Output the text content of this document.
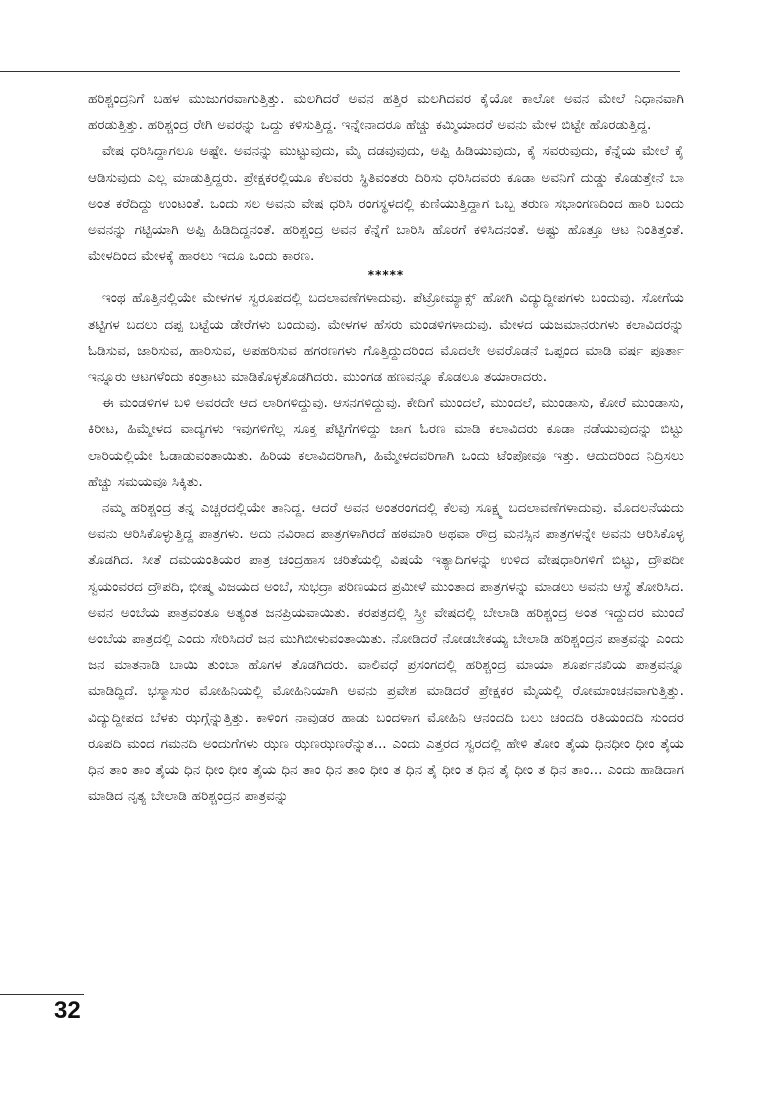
ಹರಿಶ್ಚಂದ್ರನಿಗೆ ಬಹಳ ಮುಜುಗರವಾಗುತ್ತಿತ್ತು. ಮಲಗಿದರೆ ಅವನ ಹತ್ತಿರ ಮಲಗಿದವರ ಕೈಯೋ ಕಾಲೋ ಅವನ ಮೇಲೆ ನಿಧಾನವಾಗಿ ಹರಡುತ್ತಿತ್ತು. ಹರಿಶ್ಚಂದ್ರ ರೇಗಿ ಅವರನ್ನು ಒದ್ದು ಕಳಿಸುತ್ತಿದ್ದ. ಇನ್ನೇನಾದರೂ ಹೆಚ್ಚು ಕಮ್ಮಿಯಾದರೆ ಅವನು ಮೇಳ ಬಿಟ್ಟೇ ಹೊರಡುತ್ತಿದ್ದ.

ವೇಷ ಧರಿಸಿದ್ದಾಗಲೂ ಅಷ್ಟೇ. ಅವನನ್ನು ಮುಟ್ಟುವುದು, ಮೈ ದಡವುವುದು, ಅಪ್ಪಿ ಹಿಡಿಯುವುದು, ಕೈ ಸವರುವುದು, ಕೆನ್ನೆಯ ಮೇಲೆ ಕೈ ಆಡಿಸುವುದು ಎಲ್ಲ ಮಾಡುತ್ತಿದ್ದರು. ಪ್ರೇಕ್ಷಕರಲ್ಲಿಯೂ ಕೆಲವರು ಸ್ಥಿತಿವಂತರು ದಿರಿಸು ಧರಿಸಿದವರು ಕೂಡಾ ಅವನಿಗೆ ದುಡ್ಡು ಕೊಡುತ್ತೇನೆ ಬಾ ಅಂತ ಕರೆದಿದ್ದು ಉಂಟಂತೆ. ಒಂದು ಸಲ ಅವನು ವೇಷ ಧರಿಸಿ ರಂಗಸ್ಥಳದಲ್ಲಿ ಕುಣಿಯುತ್ತಿದ್ದಾಗ ಒಬ್ಬ ತರುಣ ಸಭಾಂಗಣದಿಂದ ಹಾರಿ ಬಂದು ಅವನನ್ನು ಗಟ್ಟಿಯಾಗಿ ಅಪ್ಪಿ ಹಿಡಿದಿದ್ದನಂತೆ. ಹರಿಶ್ಚಂದ್ರ ಅವನ ಕೆನ್ನೆಗೆ ಬಾರಿಸಿ ಹೊರಗೆ ಕಳಿಸಿದನಂತೆ. ಅಷ್ಟು ಹೊತ್ತೂ ಆಟ ನಿಂತಿತ್ತಂತೆ. ಮೇಳದಿಂದ ಮೇಳಕ್ಕೆ ಹಾರಲು ಇದೂ ಒಂದು ಕಾರಣ.

*****

ಇಂಥ ಹೊತ್ತಿನಲ್ಲಿಯೇ ಮೇಳಗಳ ಸ್ವರೂಪದಲ್ಲಿ ಬದಲಾವಣೆಗಳಾದುವು. ಪೆಟ್ರೋಮ್ಯಾಕ್ಸ್ ಹೋಗಿ ವಿದ್ಯುದ್ದೀಪಗಳು ಬಂದುವು. ಸೋಗೆಯ ತಟ್ಟಿಗಳ ಬದಲು ದಪ್ಪ ಬಟ್ಟೆಯ ಡೇರೆಗಳು ಬಂದುವು. ಮೇಳಗಳ ಹೆಸರು ಮಂಡಳಿಗಳಾದುವು. ಮೇಳದ ಯಜಮಾನರುಗಳು ಕಲಾವಿದರನ್ನು ಓಡಿಸುವ, ಜಾರಿಸುವ, ಹಾರಿಸುವ, ಅಪಹರಿಸುವ ಹಗರಣಗಳು ಗೊತ್ತಿದ್ದುದರಿಂದ ಮೊದಲೇ ಅವರೊಡನೆ ಒಪ್ಪಂದ ಮಾಡಿ ವರ್ಷ ಪೂರ್ತಾ ಇನ್ನೂರು ಆಟಗಳೆಂದು ಕಂತ್ರಾಟು ಮಾಡಿಕೊಳ್ಳತೊಡಗಿದರು. ಮುಂಗಡ ಹಣವನ್ನೂ ಕೊಡಲೂ ತಯಾರಾದರು.

ಈ ಮಂಡಳಿಗಳ ಬಳಿ ಅವರದೇ ಆದ ಲಾರಿಗಳಿದ್ದುವು. ಆಸನಗಳಿದ್ದುವು. ಕೇದಿಗೆ ಮುಂದಲೆ, ಮುಂದಲೆ, ಮುಂಡಾಸು, ಕೋರೆ ಮುಂಡಾಸು, ಕಿರೀಟ, ಹಿಮ್ಮೇಳದ ವಾದ್ಯಗಳು ಇವುಗಳಿಗೆಲ್ಲ ಸೂಕ್ತ ಪೆಟ್ಟಿಗೆಗಳಿದ್ದು ಜಾಗ ಓರಣ ಮಾಡಿ ಕಲಾವಿದರು ಕೂಡಾ ನಡೆಯುವುದನ್ನು ಬಿಟ್ಟು ಲಾರಿಯಲ್ಲಿಯೇ ಓಡಾಡುವಂತಾಯಿತು. ಹಿರಿಯ ಕಲಾವಿದರಿಗಾಗಿ, ಹಿಮ್ಮೇಳದವರಿಗಾಗಿ ಒಂದು ಟೆಂಪೋವೂ ಇತ್ತು. ಆದುದರಿಂದ ನಿದ್ರಿಸಲು ಹೆಚ್ಚು ಸಮಯವೂ ಸಿಕ್ಕಿತು.

ನಮ್ಮ ಹರಿಶ್ಚಂದ್ರ ತನ್ನ ಎಚ್ಚರದಲ್ಲಿಯೇ ತಾನಿದ್ದ. ಆದರೆ ಅವನ ಅಂತರಂಗದಲ್ಲಿ ಕೆಲವು ಸೂಕ್ಷ್ಮ ಬದಲಾವಣೆಗಳಾದುವು. ಮೊದಲನೆಯದು ಅವನು ಆರಿಸಿಕೊಳ್ಳುತ್ತಿದ್ದ ಪಾತ್ರಗಳು. ಅದು ನವಿರಾದ ಪಾತ್ರಗಳಾಗಿರದೆ ಹಠಮಾರಿ ಅಥವಾ ರೌದ್ರ ಮನಸ್ಸಿನ ಪಾತ್ರಗಳನ್ನೇ ಅವನು ಆರಿಸಿಕೊಳ್ಳ ತೊಡಗಿದ. ಸೀತೆ ದಮಯಂತಿಯರ ಪಾತ್ರ ಚಂದ್ರಹಾಸ ಚರಿತೆಯಲ್ಲಿ ವಿಷಯೆ ಇತ್ಯಾದಿಗಳನ್ನು ಉಳಿದ ವೇಷಧಾರಿಗಳಿಗೆ ಬಿಟ್ಟು, ದ್ರೌಪದೀ ಸ್ವಯಂವರದ ದ್ರೌಪದಿ, ಭೀಷ್ಮ ವಿಜಯದ ಅಂಬೆ, ಸುಭದ್ರಾ ಪರಿಣಯದ ಪ್ರಮೀಳೆ ಮುಂತಾದ ಪಾತ್ರಗಳನ್ನು ಮಾಡಲು ಅವನು ಆಸ್ಥೆ ತೋರಿಸಿದ. ಅವನ ಅಂಬೆಯ ಪಾತ್ರವಂತೂ ಅತ್ಯಂತ ಜನಪ್ರಿಯವಾಯಿತು. ಕರಪತ್ರದಲ್ಲಿ ಸ್ತ್ರೀ ವೇಷದಲ್ಲಿ ಬೇಲಾಡಿ ಹರಿಶ್ಚಂದ್ರ ಅಂತ ಇದ್ದುದರ ಮುಂದೆ ಅಂಬೆಯ ಪಾತ್ರದಲ್ಲಿ ಎಂದು ಸೇರಿಸಿದರೆ ಜನ ಮುಗಿಬೀಳುವಂತಾಯಿತು. ನೋಡಿದರೆ ನೋಡಬೇಕಯ್ಯ ಬೇಲಾಡಿ ಹರಿಶ್ಚಂದ್ರನ ಪಾತ್ರವನ್ನು ಎಂದು ಜನ ಮಾತನಾಡಿ ಬಾಯಿ ತುಂಬಾ ಹೊಗಳ ತೊಡಗಿದರು. ವಾಲಿವಧೆ ಪ್ರಸಂಗದಲ್ಲಿ ಹರಿಶ್ಚಂದ್ರ ಮಾಯಾ ಶೂರ್ಪನಖಿಯ ಪಾತ್ರವನ್ನೂ ಮಾಡಿದ್ದಿದೆ. ಭಸ್ಮಾಸುರ ಮೋಹಿನಿಯಲ್ಲಿ ಮೋಹಿನಿಯಾಗಿ ಅವನು ಪ್ರವೇಶ ಮಾಡಿದರೆ ಪ್ರೇಕ್ಷಕರ ಮೈಯಲ್ಲಿ ರೋಮಾಂಚನವಾಗುತ್ತಿತ್ತು. ವಿದ್ಯುದ್ದೀಪದ ಬೆಳಕು ಝಗ್ಗೆನ್ನುತ್ತಿತ್ತು. ಕಾಳಿಂಗ ನಾವುಡರ ಹಾಡು ಬಂದಳಾಗ ಮೋಹಿನಿ ಆನಂದದಿ ಬಲು ಚಂದದಿ ರತಿಯಂದದಿ ಸುಂದರ ರೂಪದಿ ಮಂದ ಗಮನದಿ ಅಂದುಗೆಗಳು ಝಣ ಝಣಝಣರೆನ್ನುತ... ಎಂದು ಎತ್ತರದ ಸ್ವರದಲ್ಲಿ ಹೇಳಿ ತೋಂ ತೈಯ ಧಿನಧೀಂ ಧೀಂ ತೈಯ ಧಿನ ತಾಂ ತಾಂ ತೈಯ ಧಿನ ಧೀಂ ಧೀಂ ತೈಯ ಧಿನ ತಾಂ ಧಿನ ತಾಂ ಧೀಂ ತ ಧಿನ ತೈ ಧೀಂ ತ ಧಿನ ತೈ ಧೀಂ ತ ಧಿನ ತಾಂ... ಎಂದು ಹಾಡಿದಾಗ ಮಾಡಿದ ನೃತ್ಯ ಬೇಲಾಡಿ ಹರಿಶ್ಚಂದ್ರನ ಪಾತ್ರವನ್ನು

32
